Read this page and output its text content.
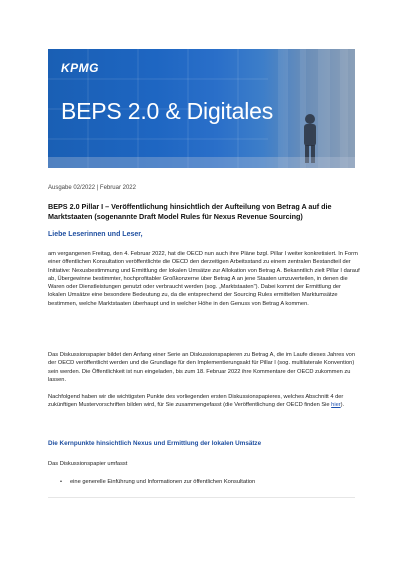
KPMG
BEPS 2.0 & Digitales
Ausgabe 02/2022 | Februar 2022
BEPS 2.0 Pillar I – Veröffentlichung hinsichtlich der Aufteilung von Betrag A auf die Marktstaaten (sogenannte Draft Model Rules für Nexus Revenue Sourcing)
Liebe Leserinnen und Leser,
am vergangenen Freitag, den 4. Februar 2022, hat die OECD nun auch ihre Pläne bzgl. Pillar I weiter konkretisiert. In Form einer öffentlichen Konsultation veröffentlichte die OECD den derzeitigen Arbeitsstand zu einem zentralen Bestandteil der Initiative: Nexusbestimmung und Ermittlung der lokalen Umsätze zur Allokation von Betrag A. Bekanntlich zielt Pillar I darauf ab, Übergewinne bestimmter, hochprofitabler Großkonzerne über Betrag A an jene Staaten umzuverteilen, in denen die Waren oder Dienstleistungen genutzt oder verbraucht werden (sog. „Marktstaaten"). Dabei kommt der Ermittlung der lokalen Umsätze eine besondere Bedeutung zu, da die entsprechend der Sourcing Rules ermittelten Marktumsätze bestimmen, welche Marktstaaten überhaupt und in welcher Höhe in den Genuss von Betrag A kommen.
Das Diskussionspapier bildet den Anfang einer Serie an Diskussionspapieren zu Betrag A, die im Laufe dieses Jahres von der OECD veröffentlicht werden und die Grundlage für den Implementierungsakt für Pillar I (sog. multilaterale Konvention) sein werden. Die Öffentlichkeit ist nun eingeladen, bis zum 18. Februar 2022 ihre Kommentare der OECD zukommen zu lassen.
Nachfolgend haben wir die wichtigsten Punkte des vorliegenden ersten Diskussionspapieres, welches Abschnitt 4 der zukünftigen Mustervorschriften bilden wird, für Sie zusammengefasst (die Veröffentlichung der OECD finden Sie hier).
Die Kernpunkte hinsichtlich Nexus und Ermittlung der lokalen Umsätze
Das Diskussionspapier umfasst
• eine generelle Einführung und Informationen zur öffentlichen Konsultation
